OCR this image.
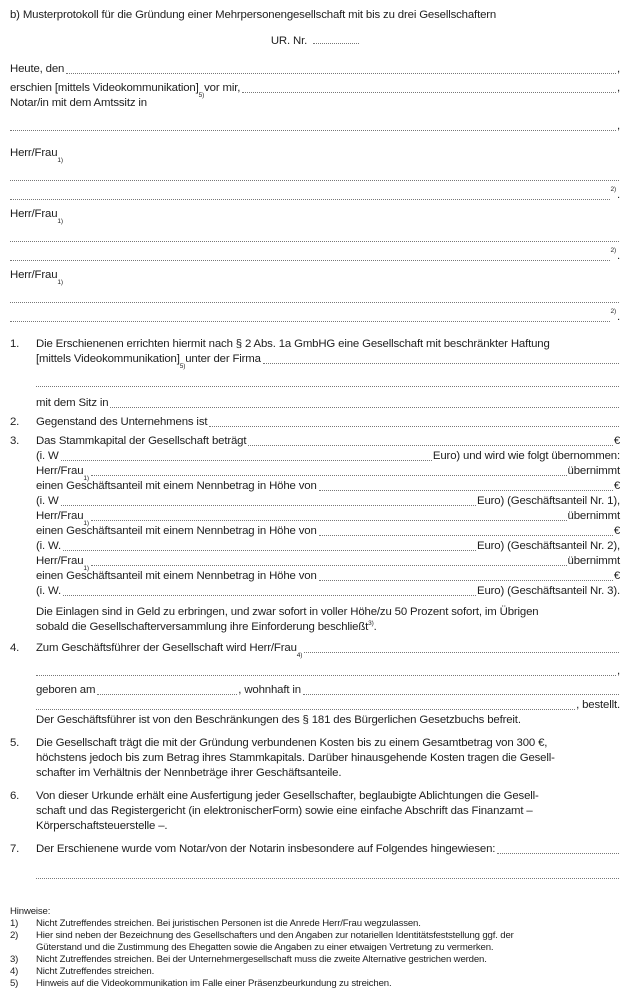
b) Musterprotokoll für die Gründung einer Mehrpersonengesellschaft mit bis zu drei Gesellschaftern
UR. Nr.
Heute, den	,
erschien [mittels Videokommunikation]
5)
vor mir,	,
Notar/in mit dem Amtssitz in
,
Herr/Frau
1)
2) .
Herr/Frau
1)
2) .
Herr/Frau
1)
2) .
1.	Die Erschienenen errichten hiermit nach § 2 Abs. 1a GmbHG eine Gesellschaft mit beschränkter Haftung
[mittels Videokommunikation]
5)
unter der Firma
mit dem Sitz in
2.	Gegenstand des Unternehmens ist
3.	Das Stammkapital der Gesellschaft beträgt	€
(i. W	Euro) und wird wie folgt übernommen:
Herr/Frau
1)
übernimmt
einen Geschäftsanteil mit einem Nennbetrag in Höhe von	€
(i. W	Euro) (Geschäftsanteil Nr. 1),
Herr/Frau
1)
übernimmt
einen Geschäftsanteil mit einem Nennbetrag in Höhe von	€
(i. W.	Euro) (Geschäftsanteil Nr. 2),
Herr/Frau
1)
übernimmt
einen Geschäftsanteil mit einem Nennbetrag in Höhe von	€
(i. W.	Euro) (Geschäftsanteil Nr. 3).
Die Einlagen sind in Geld zu erbringen, und zwar sofort in voller Höhe/zu 50 Prozent sofort, im Übrigen
sobald die Gesellschafterversammlung ihre Einforderung beschließt$^{3)}$.
4.	Zum Geschäftsführer der Gesellschaft wird Herr/Frau
4)
,
geboren am	, wohnhaft in
, bestellt.
Der Geschäftsführer ist von den Beschränkungen des § 181 des Bürgerlichen Gesetzbuchs befreit.
5.	Die Gesellschaft trägt die mit der Gründung verbundenen Kosten bis zu einem Gesamtbetrag von 300 €,
höchstens jedoch bis zum Betrag ihres Stammkapitals. Darüber hinausgehende Kosten tragen die Gesell-
schafter im Verhältnis der Nennbeträge ihrer Geschäftsanteile.
6.	Von dieser Urkunde erhält eine Ausfertigung jeder Gesellschafter, beglaubigte Ablichtungen die Gesell-
schaft und das Registergericht (in elektronischerForm) sowie eine einfache Abschrift das Finanzamt –
Körperschaftsteuerstelle –.
7.	Der Erschienene wurde vom Notar/von der Notarin insbesondere auf Folgendes hingewiesen:
Hinweise:
1)	Nicht Zutreffendes streichen. Bei juristischen Personen ist die Anrede Herr/Frau wegzulassen.
2)	Hier sind neben der Bezeichnung des Gesellschafters und den Angaben zur notariellen Identitätsfeststellung ggf. der
Güterstand und die Zustimmung des Ehegatten sowie die Angaben zu einer etwaigen Vertretung zu vermerken.
3)	Nicht Zutreffendes streichen. Bei der Unternehmergesellschaft muss die zweite Alternative gestrichen werden.
4)	Nicht Zutreffendes streichen.
5)	Hinweis auf die Videokommunikation im Falle einer Präsenzbeurkundung zu streichen.
